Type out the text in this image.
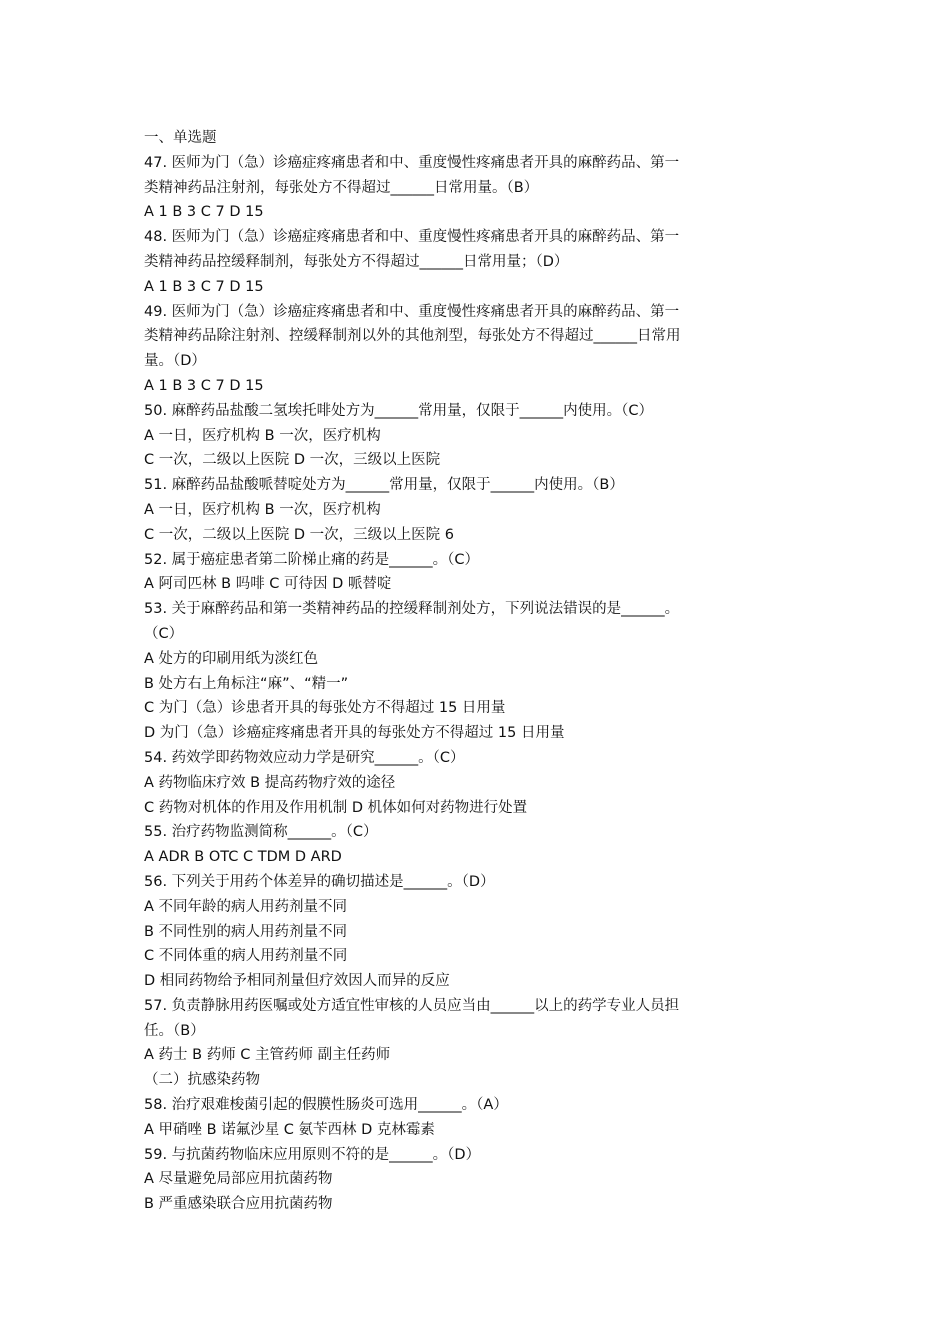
一、单选题

47. 医师为门（急）诊癌症疼痛患者和中、重度慢性疼痛患者开具的麻醉药品、第一

类精神药品注射剂，每张处方不得超过______日常用量。（B）

A 1 B 3 C 7 D 15

48. 医师为门（急）诊癌症疼痛患者和中、重度慢性疼痛患者开具的麻醉药品、第一

类精神药品控缓释制剂，每张处方不得超过______日常用量；（D）

A 1 B 3 C 7 D 15

49. 医师为门（急）诊癌症疼痛患者和中、重度慢性疼痛患者开具的麻醉药品、第一

类精神药品除注射剂、控缓释制剂以外的其他剂型，每张处方不得超过______日常用

量。（D）

A 1 B 3 C 7 D 15

50. 麻醉药品盐酸二氢埃托啡处方为______常用量，仅限于______内使用。（C）

A 一日，医疗机构 B 一次，医疗机构

C 一次，二级以上医院 D 一次，三级以上医院

51. 麻醉药品盐酸哌替啶处方为______常用量，仅限于______内使用。（B）

A 一日，医疗机构 B 一次，医疗机构

C 一次，二级以上医院 D 一次，三级以上医院 6

52. 属于癌症患者第二阶梯止痛的药是______。（C）

A 阿司匹林 B 吗啡 C 可待因 D 哌替啶

53. 关于麻醉药品和第一类精神药品的控缓释制剂处方，下列说法错误的是______。

（C）

A 处方的印刷用纸为淡红色

B 处方右上角标注“麻”、“精一”

C 为门（急）诊患者开具的每张处方不得超过 15 日用量

D 为门（急）诊癌症疼痛患者开具的每张处方不得超过 15 日用量

54. 药效学即药物效应动力学是研究______。（C）

A 药物临床疗效 B 提高药物疗效的途径

C 药物对机体的作用及作用机制 D 机体如何对药物进行处置

55. 治疗药物监测简称______。（C）

A ADR B OTC C TDM D ARD

56. 下列关于用药个体差异的确切描述是______。（D）

A 不同年龄的病人用药剂量不同

B 不同性别的病人用药剂量不同

C 不同体重的病人用药剂量不同

D 相同药物给予相同剂量但疗效因人而异的反应

57. 负责静脉用药医嘱或处方适宜性审核的人员应当由______以上的药学专业人员担

任。（B）

A 药士 B 药师 C 主管药师 副主任药师

（二）抗感染药物

58. 治疗艰难梭菌引起的假膜性肠炎可选用______。（A）

A 甲硝唑 B 诺氟沙星 C 氨苄西林 D 克林霉素

59. 与抗菌药物临床应用原则不符的是______。（D）

A 尽量避免局部应用抗菌药物

B 严重感染联合应用抗菌药物
